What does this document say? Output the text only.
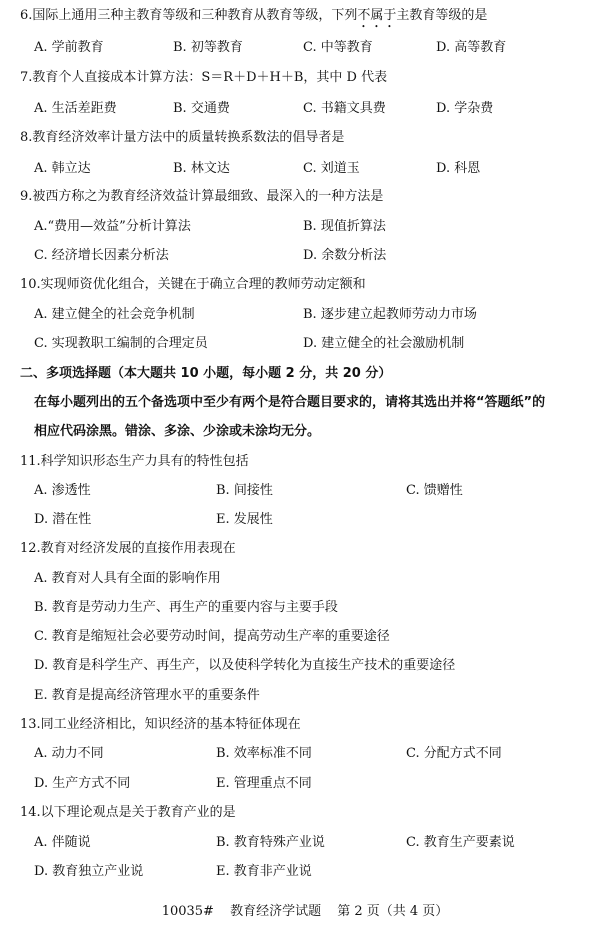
6.国际上通用三种主教育等级和三种教育从教育等级，下列不属于主教育等级的是
A. 学前教育	B. 初等教育	C. 中等教育	D. 高等教育
7.教育个人直接成本计算方法：S＝R＋D＋H＋B，其中 D 代表
A. 生活差距费	B. 交通费	C. 书籍文具费	D. 学杂费
8.教育经济效率计量方法中的质量转换系数法的倡导者是
A. 韩立达	B. 林文达	C. 刘道玉	D. 科恩
9.被西方称之为教育经济效益计算最细致、最深入的一种方法是
A.“费用—效益”分析计算法	B. 现值折算法
C. 经济增长因素分析法	D. 余数分析法
10.实现师资优化组合，关键在于确立合理的教师劳动定额和
A. 建立健全的社会竞争机制	B. 逐步建立起教师劳动力市场
C. 实现教职工编制的合理定员	D. 建立健全的社会激励机制
二、多项选择题（本大题共 10 小题，每小题 2 分，共 20 分）
在每小题列出的五个备选项中至少有两个是符合题目要求的，请将其选出并将“答题纸”的
相应代码涂黑。错涂、多涂、少涂或未涂均无分。
11.科学知识形态生产力具有的特性包括
A. 渗透性	B. 间接性	C. 馈赠性
D. 潜在性	E. 发展性
12.教育对经济发展的直接作用表现在
A. 教育对人具有全面的影响作用
B. 教育是劳动力生产、再生产的重要内容与主要手段
C. 教育是缩短社会必要劳动时间，提高劳动生产率的重要途径
D. 教育是科学生产、再生产，以及使科学转化为直接生产技术的重要途径
E. 教育是提高经济管理水平的重要条件
13.同工业经济相比，知识经济的基本特征体现在
A. 动力不同	B. 效率标准不同	C. 分配方式不同
D. 生产方式不同	E. 管理重点不同
14.以下理论观点是关于教育产业的是
A. 伴随说	B. 教育特殊产业说	C. 教育生产要素说
D. 教育独立产业说	E. 教育非产业说
10035# 教育经济学试题 第 2 页（共 4 页）
